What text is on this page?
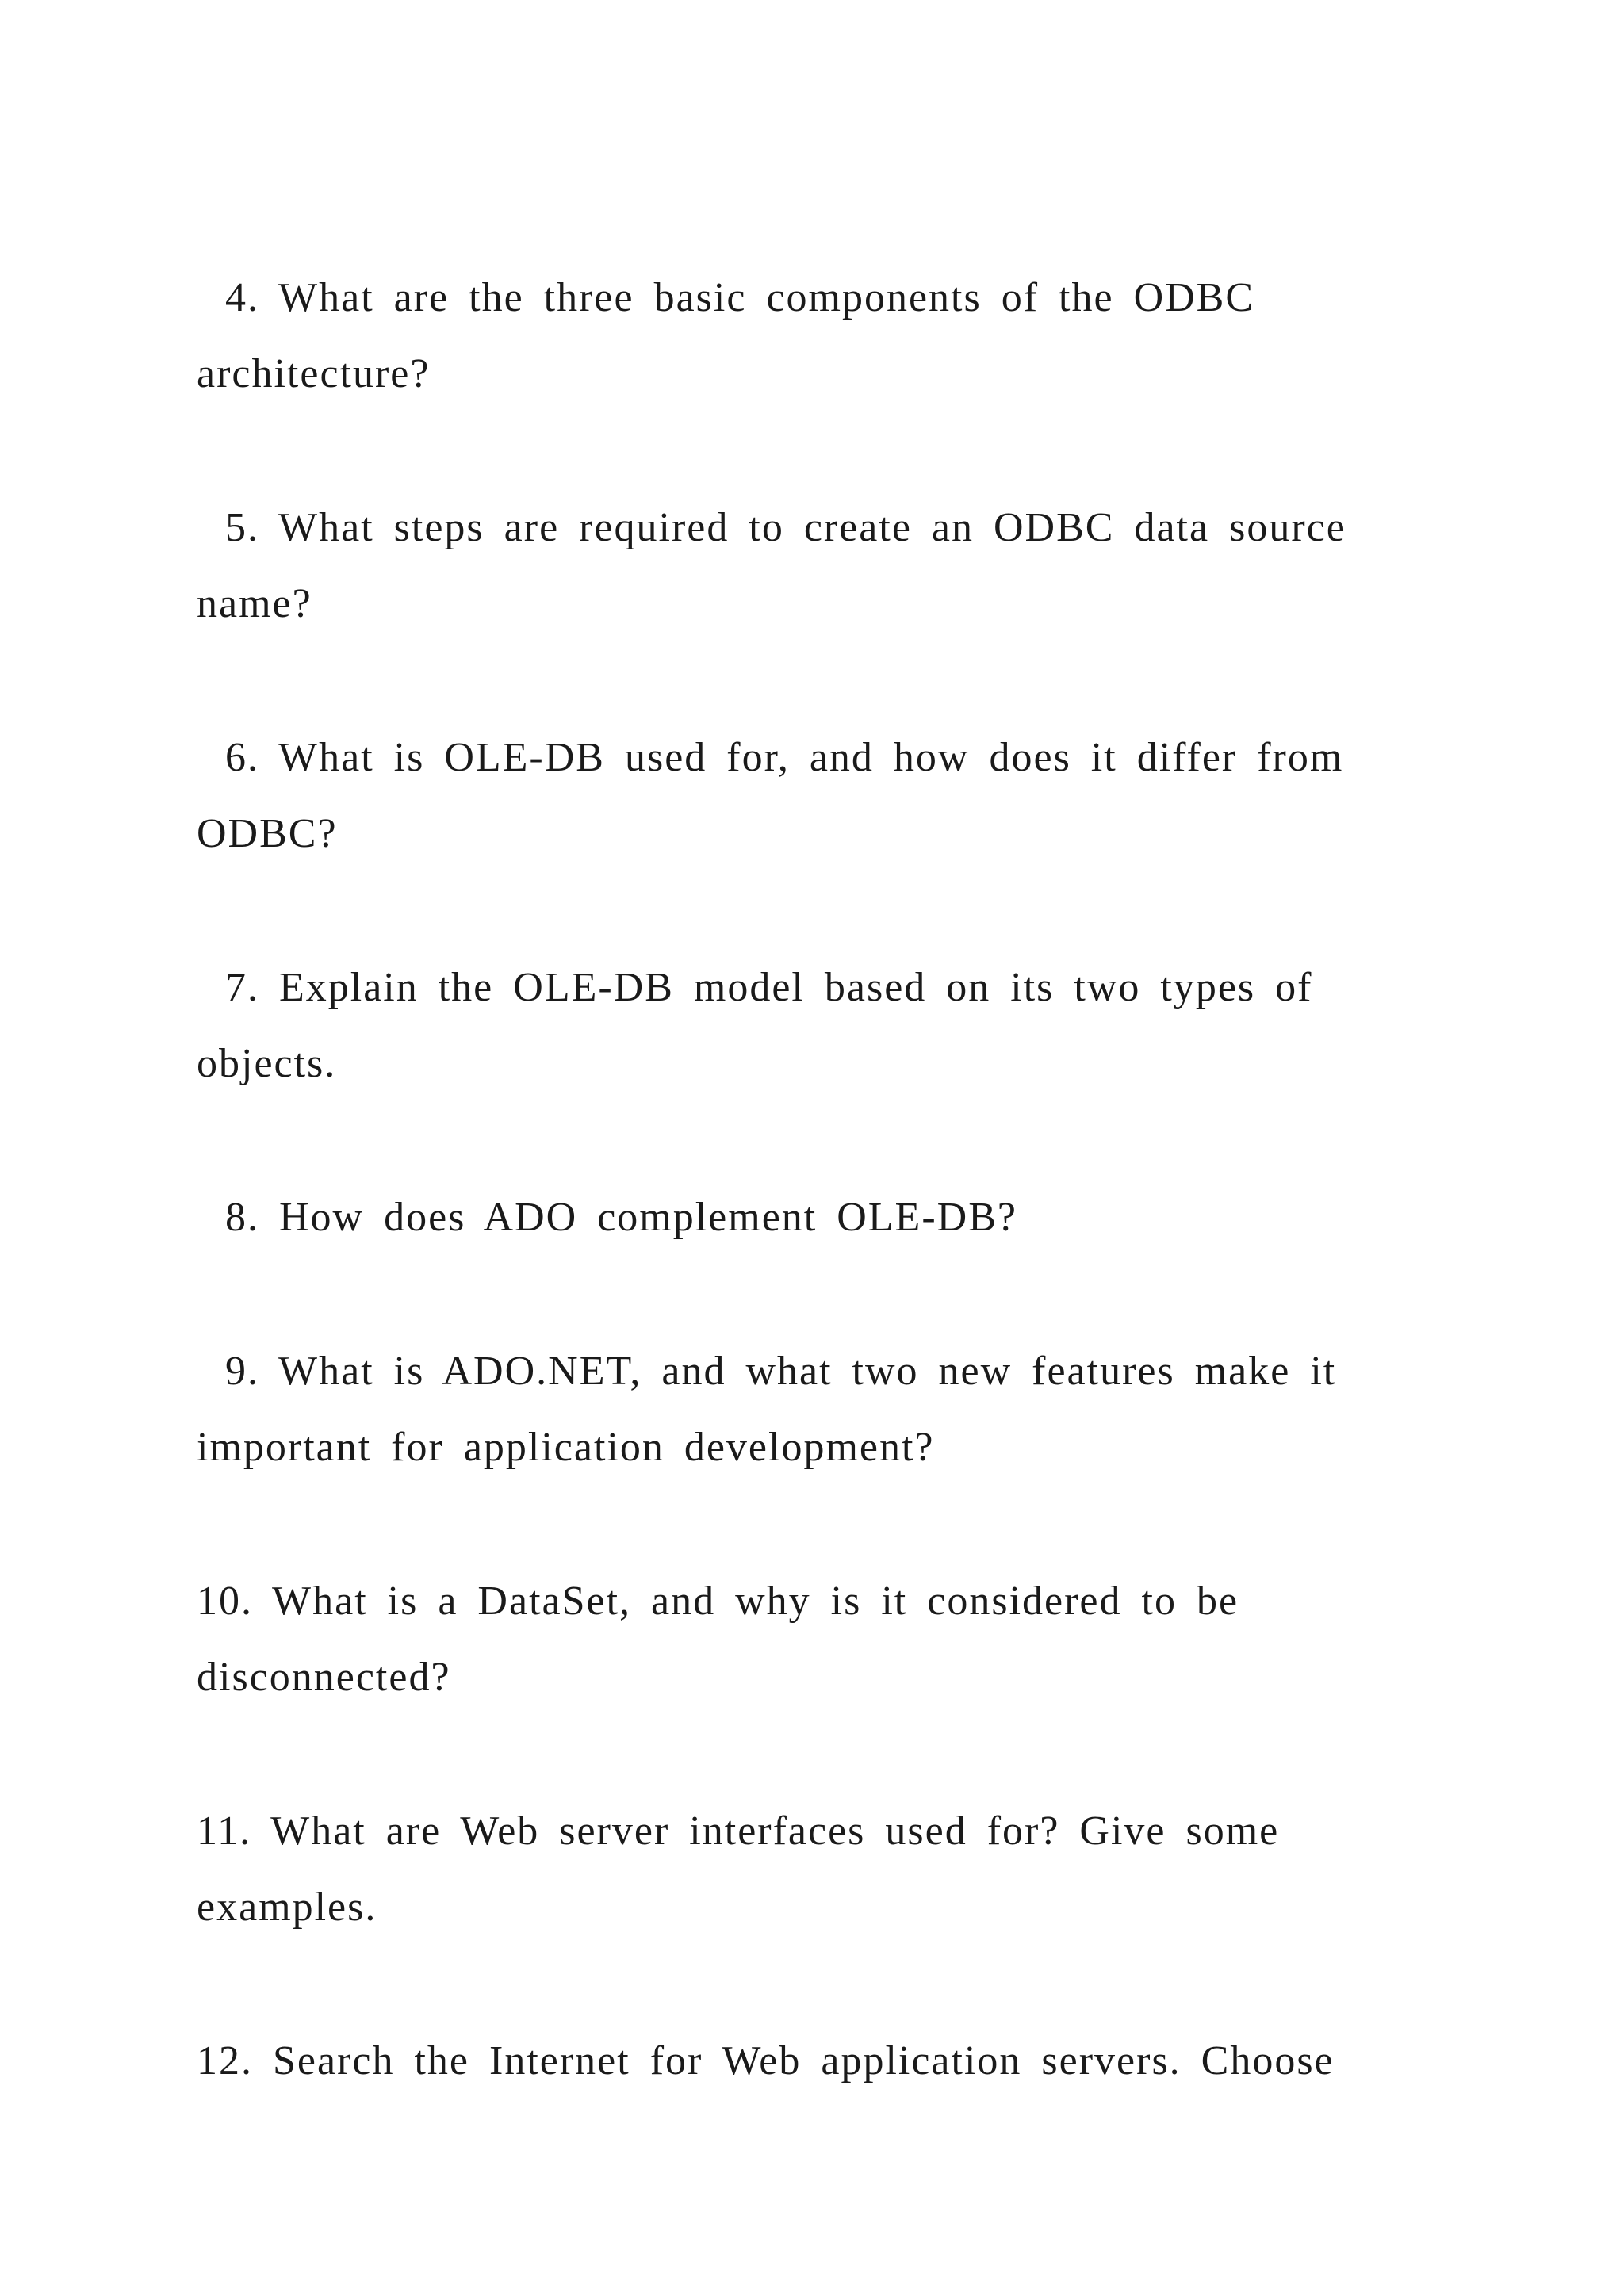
4. What are the three basic components of the ODBC
architecture?
5. What steps are required to create an ODBC data source
name?
6. What is OLE-DB used for, and how does it differ from
ODBC?
7. Explain the OLE-DB model based on its two types of
objects.
8. How does ADO complement OLE-DB?
9. What is ADO.NET, and what two new features make it
important for application development?
10. What is a DataSet, and why is it considered to be
disconnected?
11. What are Web server interfaces used for? Give some
examples.
12. Search the Internet for Web application servers. Choose
